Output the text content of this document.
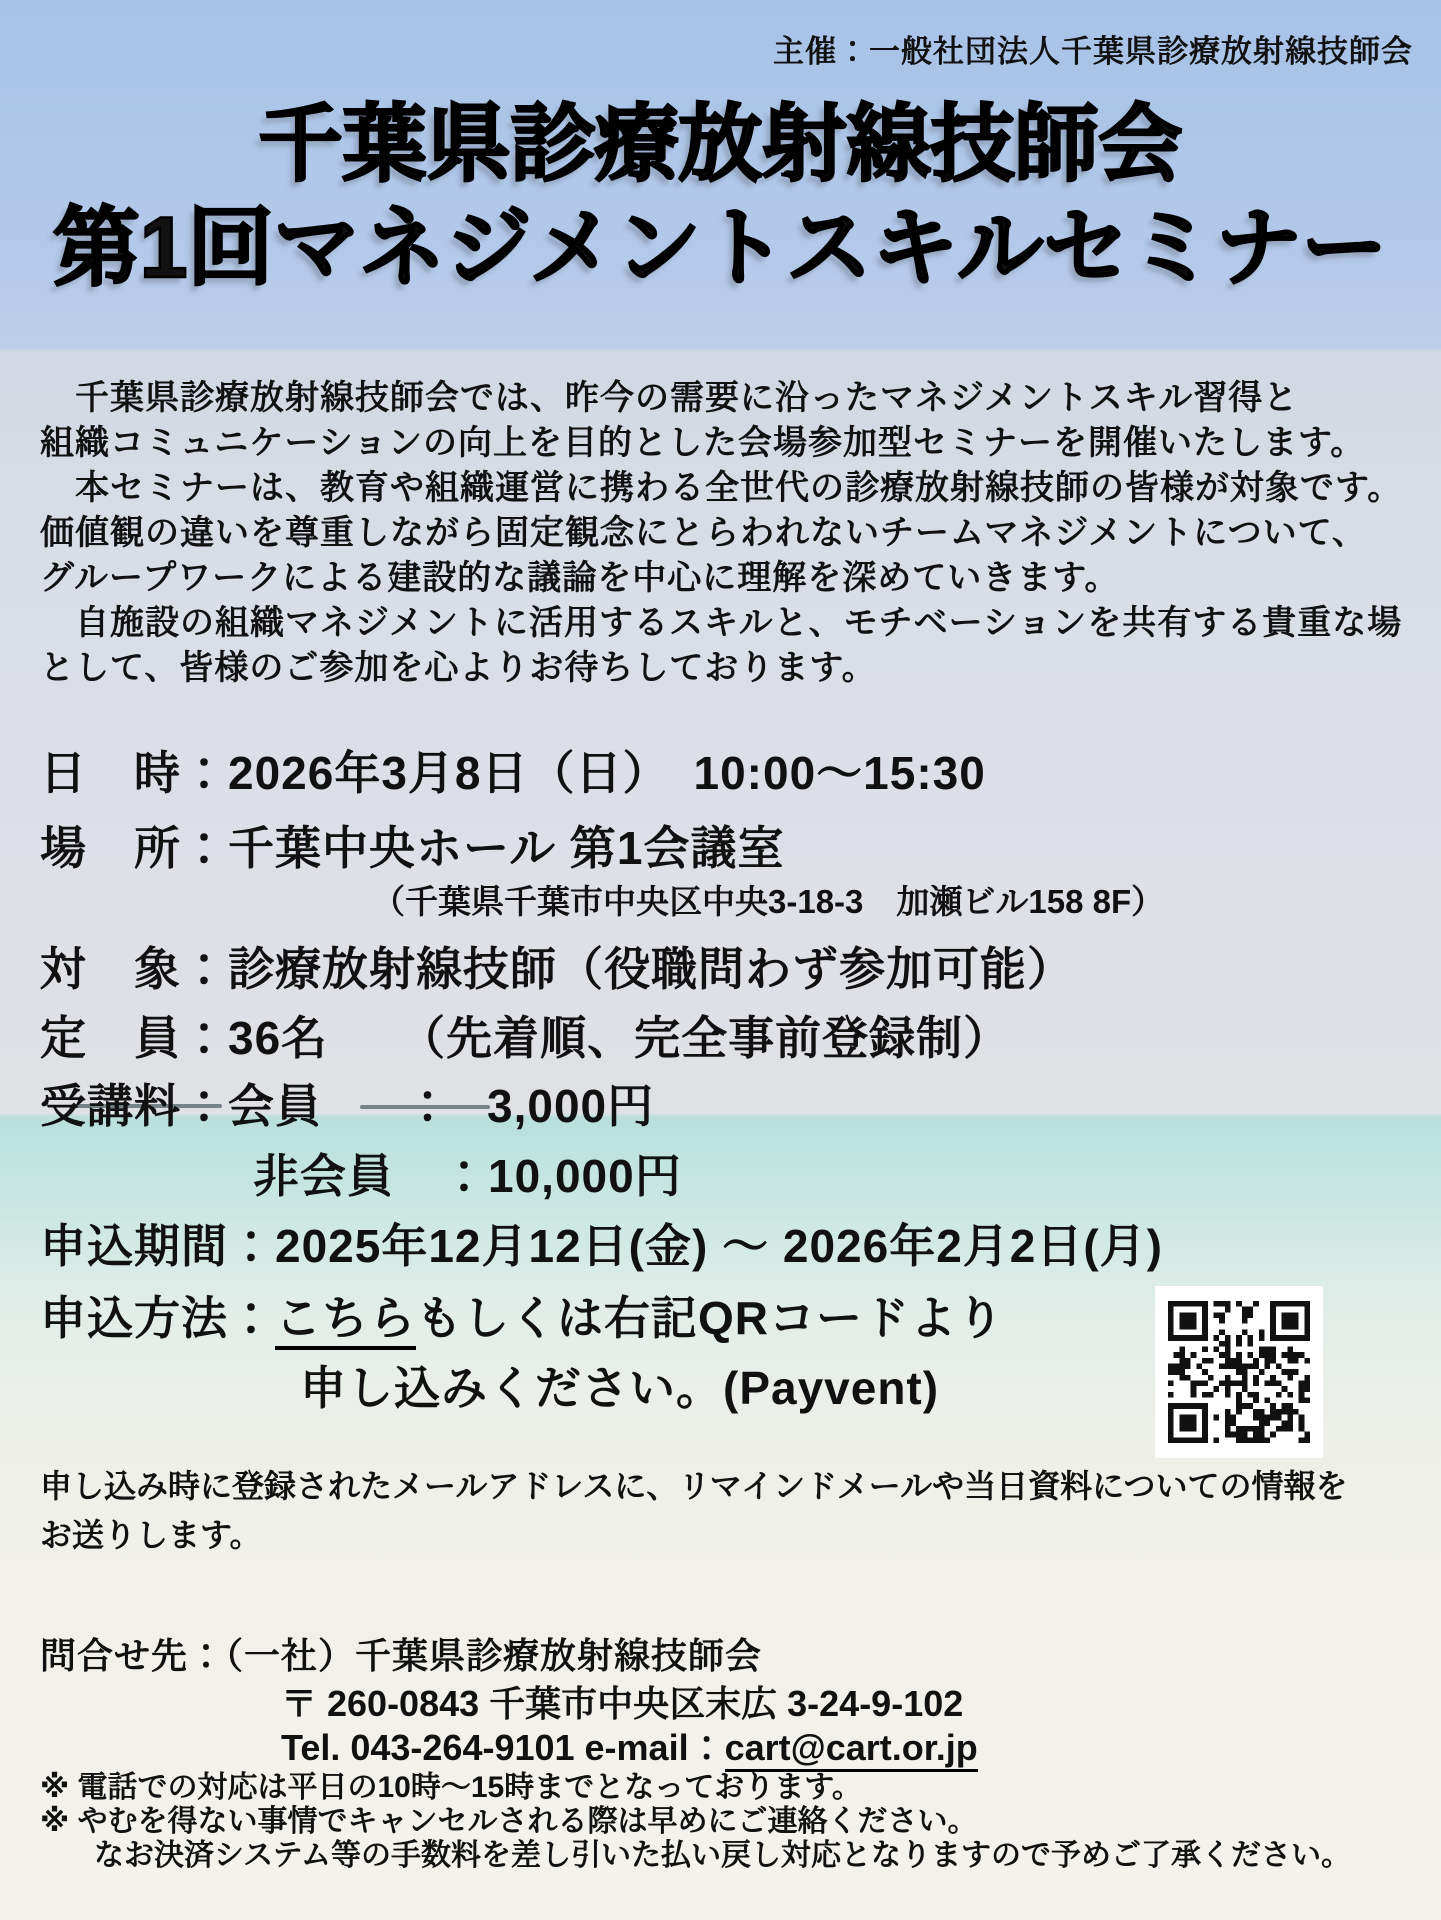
主催：一般社団法人千葉県診療放射線技師会
千葉県診療放射線技師会
第1回マネジメントスキルセミナー
　千葉県診療放射線技師会では、昨今の需要に沿ったマネジメントスキル習得と
組織コミュニケーションの向上を目的とした会場参加型セミナーを開催いたします。
　本セミナーは、教育や組織運営に携わる全世代の診療放射線技師の皆様が対象です。
価値観の違いを尊重しながら固定観念にとらわれないチームマネジメントについて、
グループワークによる建設的な議論を中心に理解を深めていきます。
　自施設の組織マネジメントに活用するスキルと、モチベーションを共有する貴重な場
として、皆様のご参加を心よりお待ちしております。
日　時：2026年3月8日（日）　10:00～15:30
場　所：千葉中央ホール 第1会議室
（千葉県千葉市中央区中央3-18-3　加瀬ビル158 8F）
対　象：診療放射線技師（役職問わず参加可能）
定　員：36名　　（先着順、完全事前登録制）
受講料：会員　　：　3,000円
非会員　：10,000円
申込期間：2025年12月12日(金) ～ 2026年2月2日(月)
申込方法：こちらもしくは右記QRコードより
申し込みください。(Payvent)
申し込み時に登録されたメールアドレスに、リマインドメールや当日資料についての情報を
お送りします。
問合せ先：（一社）千葉県診療放射線技師会
〒 260-0843 千葉市中央区末広 3-24-9-102
Tel. 043-264-9101 e-mail：cart@cart.or.jp
※ 電話での対応は平日の10時～15時までとなっております。
※ やむを得ない事情でキャンセルされる際は早めにご連絡ください。
なお決済システム等の手数料を差し引いた払い戻し対応となりますので予めご了承ください。
